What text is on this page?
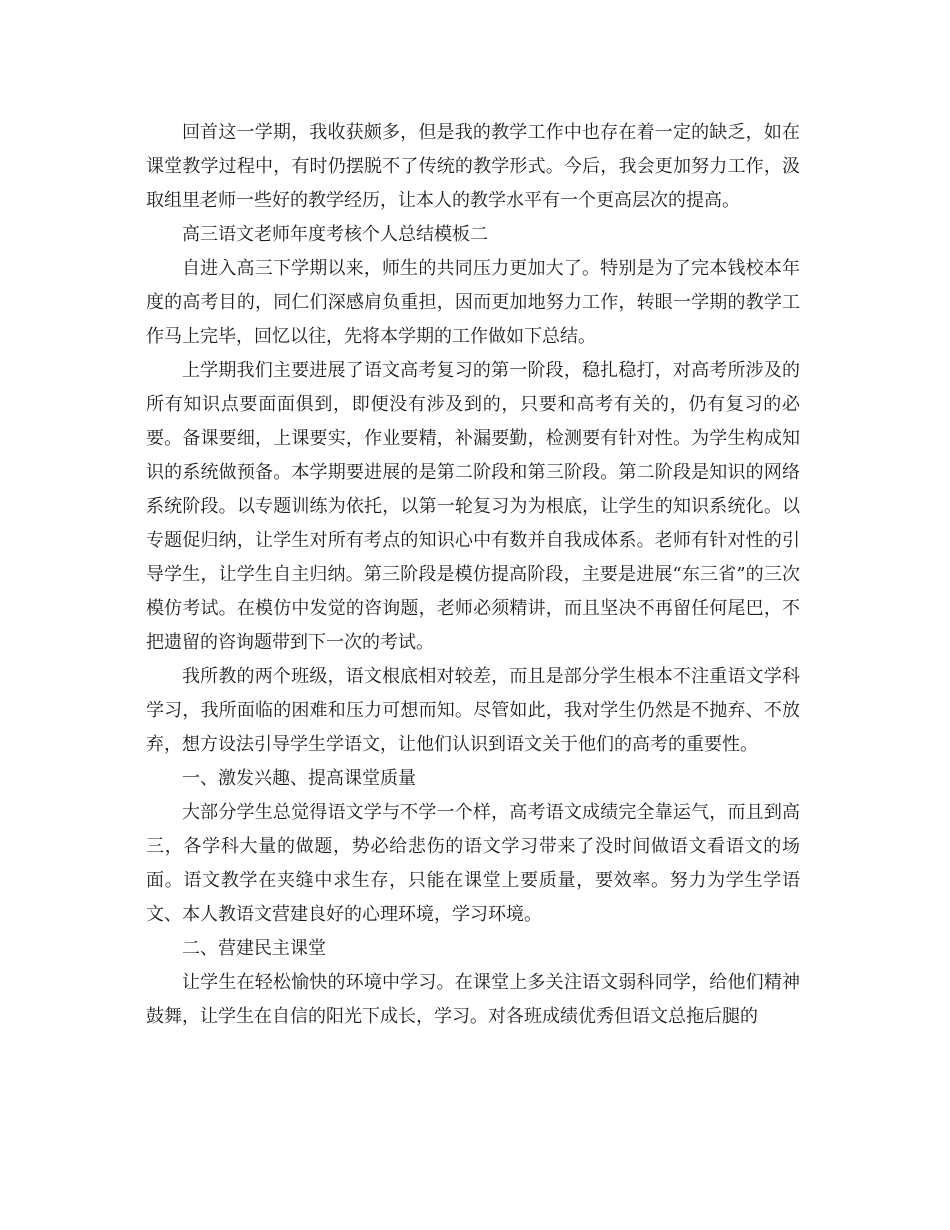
回首这一学期，我收获颇多，但是我的教学工作中也存在着一定的缺乏，如在课堂教学过程中，有时仍摆脱不了传统的教学形式。今后，我会更加努力工作，汲取组里老师一些好的教学经历，让本人的教学水平有一个更高层次的提高。

高三语文老师年度考核个人总结模板二

自进入高三下学期以来，师生的共同压力更加大了。特别是为了完本钱校本年度的高考目的，同仁们深感肩负重担，因而更加地努力工作，转眼一学期的教学工作马上完毕，回忆以往，先将本学期的工作做如下总结。

上学期我们主要进展了语文高考复习的第一阶段，稳扎稳打，对高考所涉及的所有知识点要面面俱到，即便没有涉及到的，只要和高考有关的，仍有复习的必要。备课要细，上课要实，作业要精，补漏要勤，检测要有针对性。为学生构成知识的系统做预备。本学期要进展的是第二阶段和第三阶段。第二阶段是知识的网络系统阶段。以专题训练为依托，以第一轮复习为为根底，让学生的知识系统化。以专题促归纳，让学生对所有考点的知识心中有数并自我成体系。老师有针对性的引导学生，让学生自主归纳。第三阶段是模仿提高阶段，主要是进展“东三省”的三次模仿考试。在模仿中发觉的咨询题，老师必须精讲，而且坚决不再留任何尾巴，不把遗留的咨询题带到下一次的考试。

我所教的两个班级，语文根底相对较差，而且是部分学生根本不注重语文学科学习，我所面临的困难和压力可想而知。尽管如此，我对学生仍然是不抛弃、不放弃，想方设法引导学生学语文，让他们认识到语文关于他们的高考的重要性。

一、激发兴趣、提高课堂质量

大部分学生总觉得语文学与不学一个样，高考语文成绩完全靠运气，而且到高三，各学科大量的做题，势必给悲伤的语文学习带来了没时间做语文看语文的场面。语文教学在夹缝中求生存，只能在课堂上要质量，要效率。努力为学生学语文、本人教语文营建良好的心理环境，学习环境。

二、营建民主课堂

让学生在轻松愉快的环境中学习。在课堂上多关注语文弱科同学，给他们精神鼓舞，让学生在自信的阳光下成长，学习。对各班成绩优秀但语文总拖后腿的
